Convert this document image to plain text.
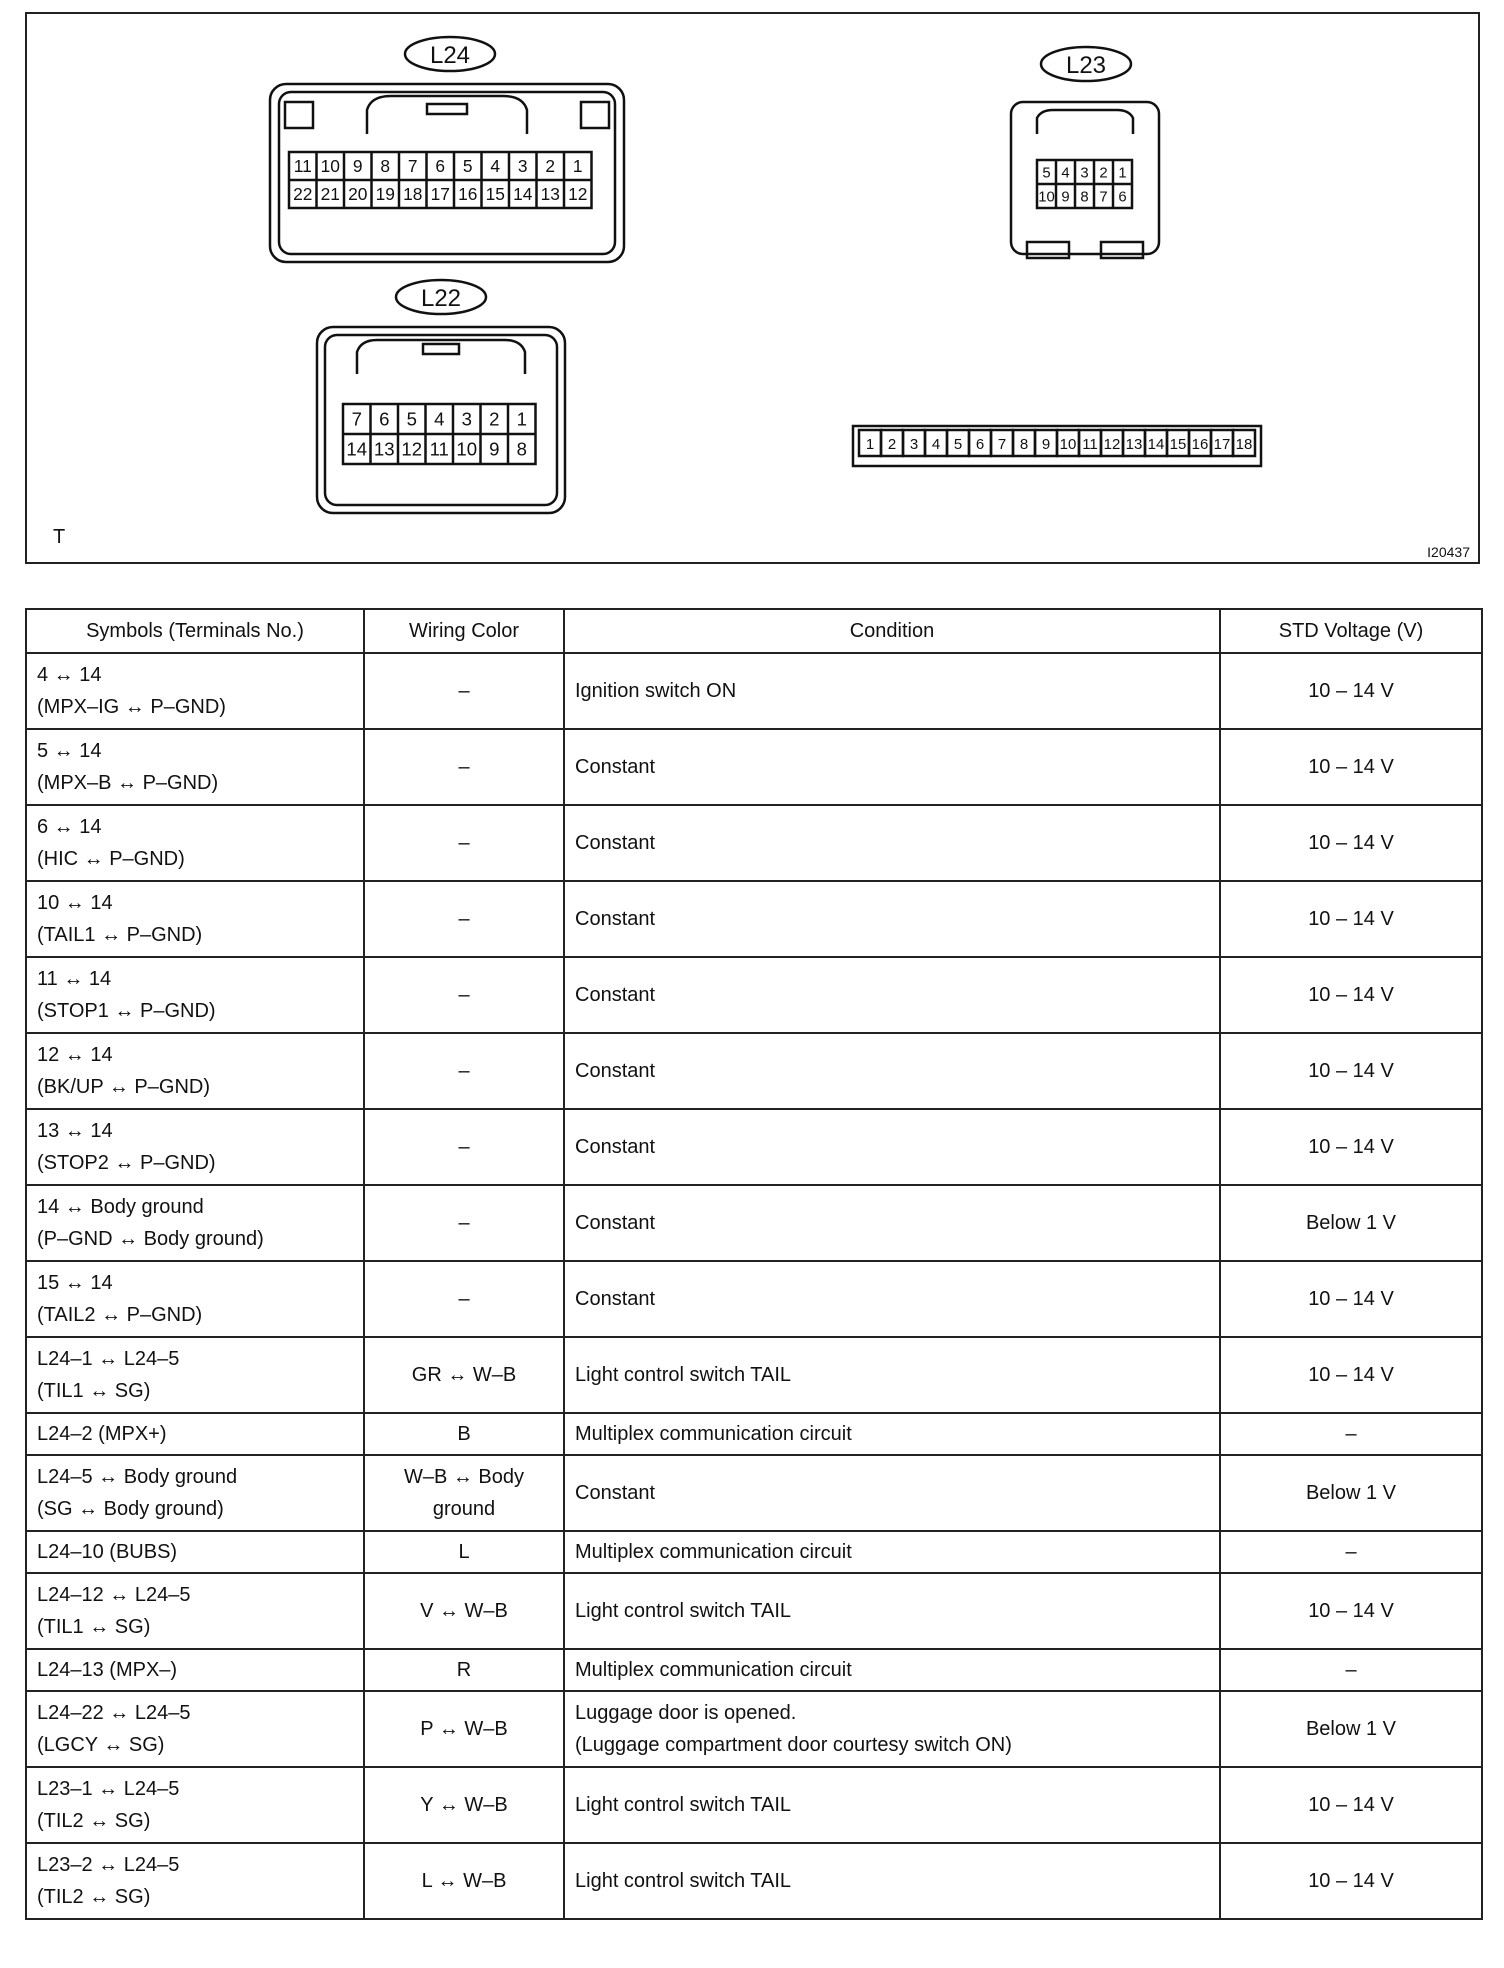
L24
11 10 9 8 7 6 5 4 3 2 1
22 21 20 19 18 17 16 15 14 13 12
L23
5 4 3 2 1
10 9 8 7 6
L22
7 6 5 4 3 2 1
14 13 12 11 10 9 8	1 2 3 4 5 6 7 8 9 10 11 12 13 14 15 16 17 18
T
I20437
Symbols (Terminals No.)	Wiring Color	Condition	STD Voltage (V)

4 ↔ 14
(MPX–IG ↔ P–GND)	–	Ignition switch ON	10 – 14 V

5 ↔ 14
(MPX–B ↔ P–GND)	–	Constant	10 – 14 V

6 ↔ 14
(HIC ↔ P–GND)	–	Constant	10 – 14 V

10 ↔ 14
(TAIL1 ↔ P–GND)	–	Constant	10 – 14 V

11 ↔ 14
(STOP1 ↔ P–GND)	–	Constant	10 – 14 V

12 ↔ 14
(BK/UP ↔ P–GND)	–	Constant	10 – 14 V

13 ↔ 14
(STOP2 ↔ P–GND)	–	Constant	10 – 14 V

14 ↔ Body ground
(P–GND ↔ Body ground)	–	Constant	Below 1 V

15 ↔ 14
(TAIL2 ↔ P–GND)	–	Constant	10 – 14 V

L24–1 ↔ L24–5
(TIL1 ↔ SG)	GR ↔ W–B	Light control switch TAIL	10 – 14 V

L24–2 (MPX+)	B	Multiplex communication circuit	–

L24–5 ↔ Body ground
(SG ↔ Body ground)	W–B ↔ Body ground	Constant	Below 1 V

L24–10 (BUBS)	L	Multiplex communication circuit	–

L24–12 ↔ L24–5
(TIL1 ↔ SG)	V ↔ W–B	Light control switch TAIL	10 – 14 V

L24–13 (MPX–)	R	Multiplex communication circuit	–

L24–22 ↔ L24–5
(LGCY ↔ SG)	P ↔ W–B	Luggage door is opened.
(Luggage compartment door courtesy switch ON)	Below 1 V

L23–1 ↔ L24–5
(TIL2 ↔ SG)	Y ↔ W–B	Light control switch TAIL	10 – 14 V

L23–2 ↔ L24–5
(TIL2 ↔ SG)	L ↔ W–B	Light control switch TAIL	10 – 14 V
